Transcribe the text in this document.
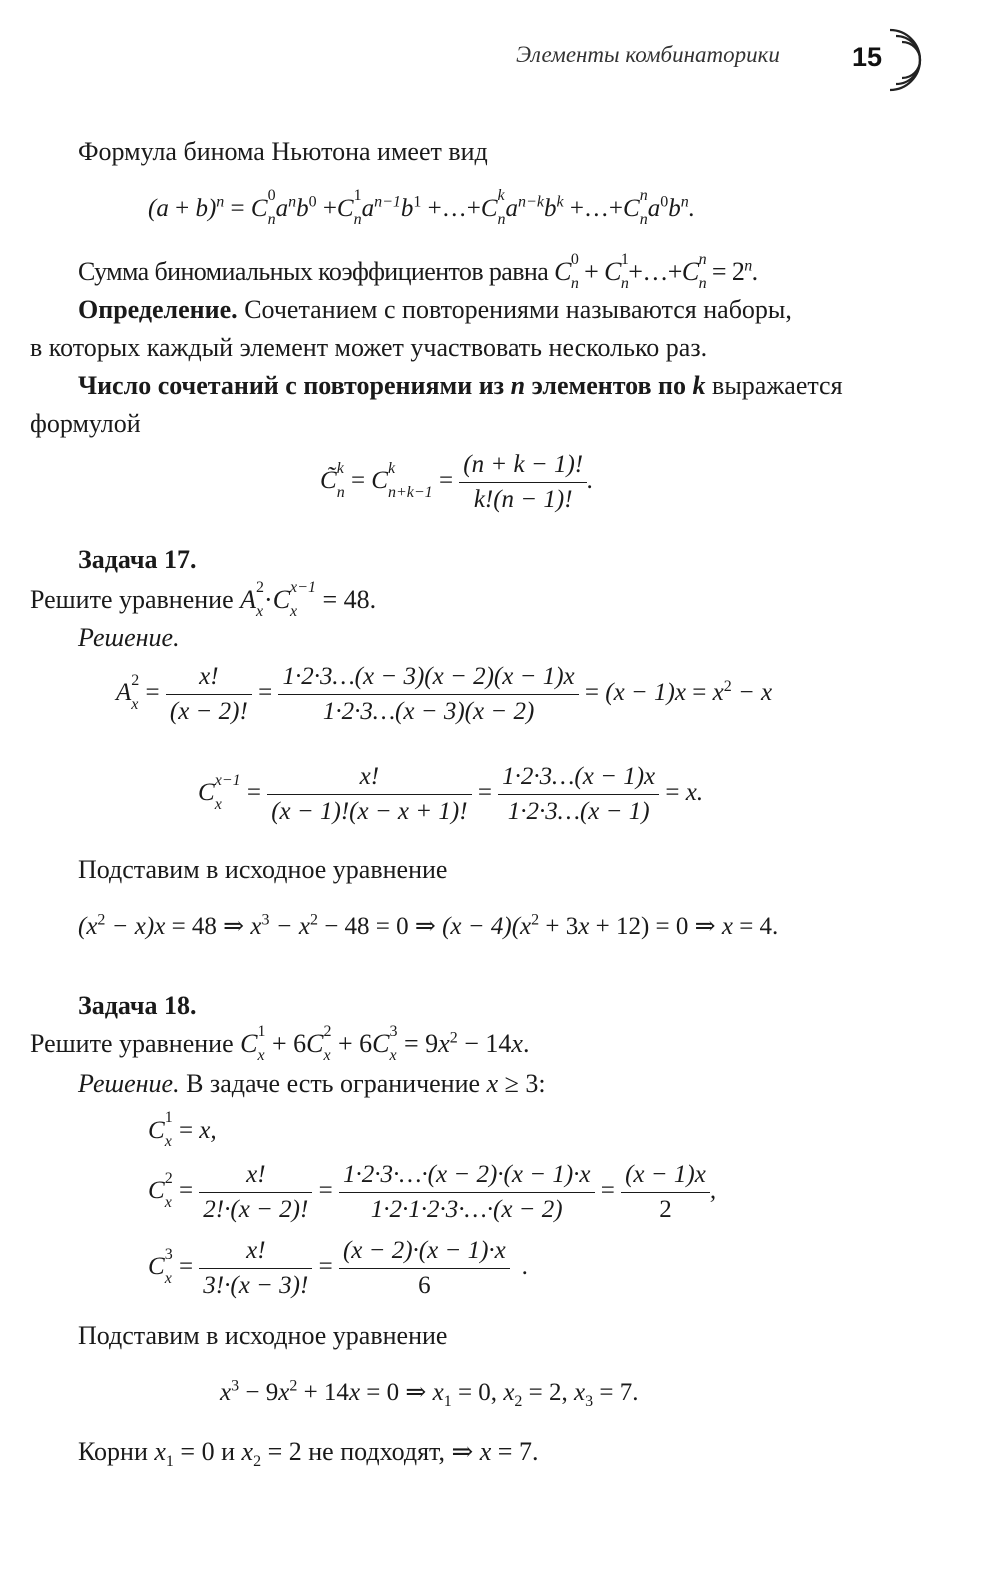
Элементы комбинаторики	15
Формула бинома Ньютона имеет вид
$(a + b)^n = C$ 0
n $a^nb^0 +C$ 1
n $a^{n-1}b^1$ +…+C k
n $a^{n-k}b^k$ +…+C n
n $a^0b^n$.
Сумма биномиальных коэффициентов равна C 0
n + C 1
n +…+C n
$n = 2^n$.
Определение. Сочетанием с повторениями называются наборы,
в которых каждый элемент может участвовать несколько раз.
Число сочетаний с повторениями из n элементов по k выражается
формулой
C̃ k
n = C k
$n+k-1 = \frac{(n + k - 1)!}{k!(n - 1)!}$ .
Задача 17.
Решите уравнение A 2
x ·C x−1
x = 48.
Решение.
A 2
$x = \frac{x!}{(x - 2)!} = \frac{1\cdot 2\cdot 3\dots(x - 3)(x - 2)(x - 1)x}{1\cdot 2\cdot 3\dots(x - 3)(x - 2)} = (x - 1)x = x^2 - x$
C x−1
x	= $\frac{x!}{(x - 1)!(x - x + 1)!} = \frac{1\cdot 2\cdot 3\dots(x - 1)x}{1\cdot 2\cdot 3\dots(x - 1)} = x$.
Подставим в исходное уравнение
$(x^2 - x)x = 48$ ⇒ $x^3 - x^2 - 48 = 0$ ⇒ $(x - 4)(x^2 + 3x + 12) = 0$ ⇒ x = 4.
Задача 18.
Решите уравнение C 1
x + 6C 2
x + 6C 3
$x = 9x^2 - 14x$.
Решение. В задаче есть ограничение x ≥ 3:
C 1
x = x,
C 2
$x = \frac{x!}{2!\cdot(x - 2)!} = \frac{1\cdot 2\cdot 3\cdot\dots\cdot(x - 2)\cdot(x - 1)\cdot x}{1\cdot 2\cdot 1\cdot 2\cdot 3\cdot\dots\cdot(x - 2)} = \frac{(x - 1)x}{2}$ ,
C 3
$x = \frac{x!}{3!\cdot(x - 3)!} = \frac{(x - 2)\cdot(x - 1)\cdot x}{6}$ .
Подставим в исходное уравнение
$x^3 - 9x^2 + 14x = 0$ ⇒ $x_1 = 0$, $x_2 = 2$, $x_3 = 7$.
Корни $x_1 = 0$ и $x_2 = 2$ не подходят, ⇒ x = 7.
